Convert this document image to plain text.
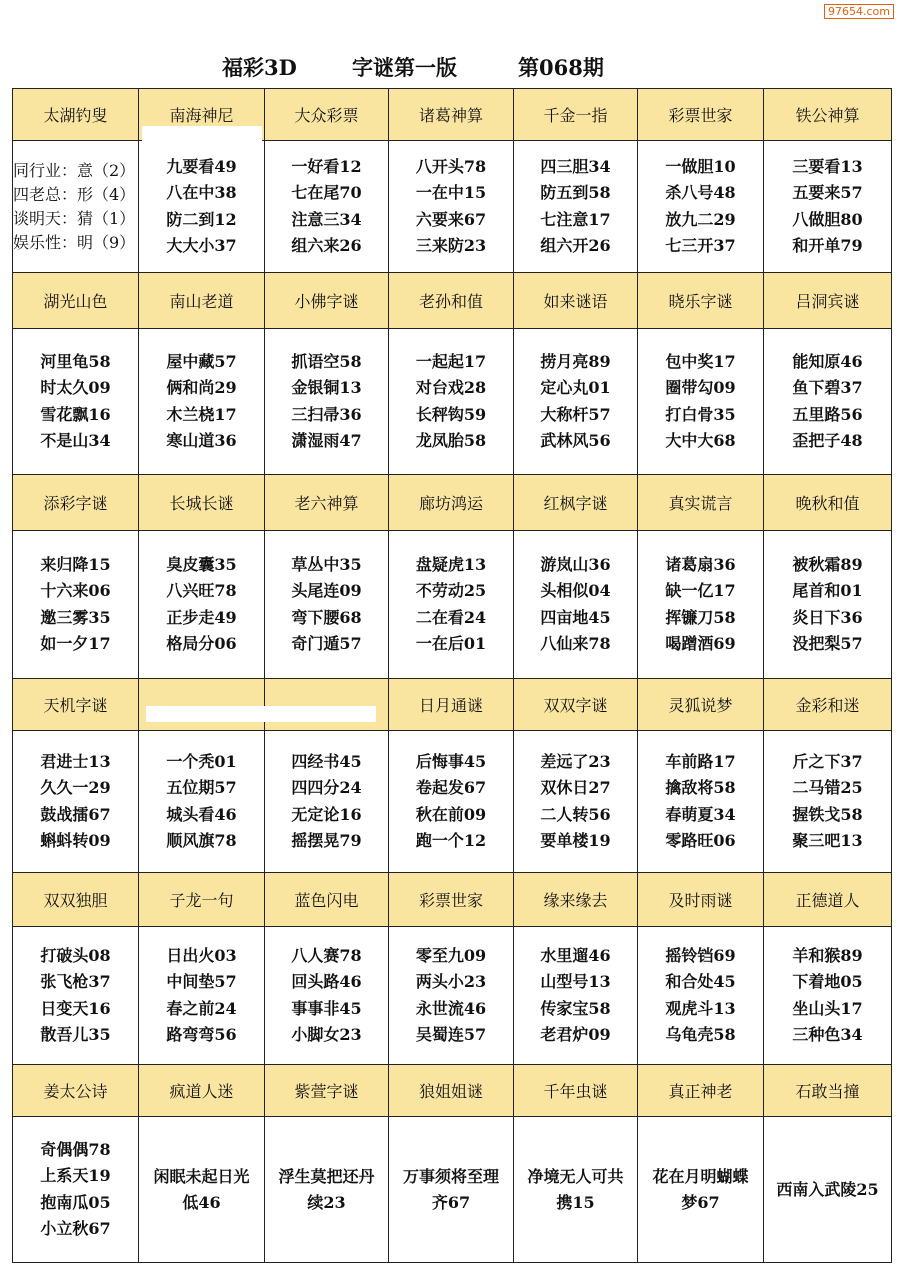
97654.com
福彩3D	字谜第一版	第068期
太湖钓叟	南海神尼	大众彩票	诸葛神算	千金一指	彩票世家	铁公神算

同行业：意（2）
四老总：形（4）
谈明天：猜（1）
娱乐性：明（9）	九要看49
八在中38
防二到12
大大小37	一好看12
七在尾70
注意三34
组六来26	八开头78
一在中15
六要来67
三来防23	四三胆34
防五到58
七注意17
组六开26	一做胆10
杀八号48
放九二29
七三开37	三要看13
五要来57
八做胆80
和开单79

湖光山色	南山老道	小佛字谜	老孙和值	如来谜语	晓乐字谜	吕洞宾谜

河里龟58
时太久09
雪花飘16
不是山34	屋中藏57
俩和尚29
木兰桡17
寒山道36	抓语空58
金银铜13
三扫帚36
潇湿雨47	一起起17
对台戏28
长秤钩59
龙凤胎58	捞月亮89
定心丸01
大称杆57
武林风56	包中奖17
圈带勾09
打白骨35
大中大68	能知原46
鱼下碧37
五里路56
歪把子48

添彩字谜	长城长谜	老六神算	廊坊鸿运	红枫字谜	真实谎言	晚秋和值

来归降15
十六来06
邀三雾35
如一夕17	臭皮囊35
八兴旺78
正步走49
格局分06	草丛中35
头尾连09
弯下腰68
奇门遁57	盘疑虎13
不劳动25
二在看24
一在后01	游岚山36
头相似04
四亩地45
八仙来78	诸葛扇36
缺一亿17
挥镰刀58
喝蹭酒69	被秋霜89
尾首和01
炎日下36
没把梨57

天机字谜			日月通谜	双双字谜	灵狐说梦	金彩和迷

君进士13
久久一29
鼓战擂67
蝌蚪转09	一个秃01
五位期57
城头看46
顺风旗78	四经书45
四四分24
无定论16
摇摆晃79	后悔事45
卷起发67
秋在前09
跑一个12	差远了23
双休日27
二人转56
要单楼19	车前路17
擒敌将58
春萌夏34
零路旺06	斤之下37
二马错25
握铁戈58
聚三吧13

双双独胆	子龙一句	蓝色闪电	彩票世家	缘来缘去	及时雨谜	正德道人

打破头08
张飞枪37
日变天16
散吾儿35	日出火03
中间垫57
春之前24
路弯弯56	八人赛78
回头路46
事事非45
小脚女23	零至九09
两头小23
永世流46
吴蜀连57	水里遛46
山型号13
传家宝58
老君炉09	摇铃铛69
和合处45
观虎斗13
乌龟壳58	羊和猴89
下着地05
坐山头17
三种色34

姜太公诗	疯道人迷	紫萱字谜	狼姐姐谜	千年虫谜	真正神老	石敢当撞

奇偶偶78
上系天19
抱南瓜05
小立秋67	闲眠未起日光
低46	浮生莫把还丹
续23	万事须将至理
齐67	净境无人可共
携15	花在月明蝴蝶
梦67	西南入武陵25
